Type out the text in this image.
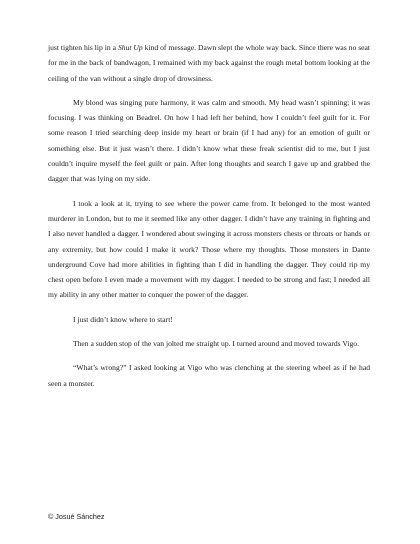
just tighten his lip in a Shut Up kind of message. Dawn slept the whole way back. Since there was no seat for me in the back of bandwagon, I remained with my back against the rough metal bottom looking at the ceiling of the van without a single drop of drowsiness.

My blood was singing pure harmony, it was calm and smooth. My head wasn’t spinning; it was focusing. I was thinking on Beadrel. On how I had left her behind, how I couldn’t feel guilt for it. For some reason I tried searching deep inside my heart or brain (if I had any) for an emotion of guilt or something else. But it just wasn’t there. I didn’t know what these freak scientist did to me, but I just couldn’t inquire myself the feel guilt or pain. After long thoughts and search I gave up and grabbed the dagger that was lying on my side.

I took a look at it, trying to see where the power came from. It belonged to the most wanted murderer in London, but to me it seemed like any other dagger. I didn’t have any training in fighting and I also never handled a dagger. I wondered about swinging it across monsters chests or throats or hands or any extremity, but how could I make it work? Those where my thoughts. Those monsters in Dante underground Cove had more abilities in fighting than I did in handling the dagger. They could rip my chest open before I even made a movement with my dagger. I needed to be strong and fast; I needed all my ability in any other matter to conquer the power of the dagger.

I just didn’t know where to start!

Then a sudden stop of the van jolted me straight up. I turned around and moved towards Vigo.

“What’s wrong?” I asked looking at Vigo who was clenching at the steering wheel as if he had seen a monster.

© Josué Sánchez
